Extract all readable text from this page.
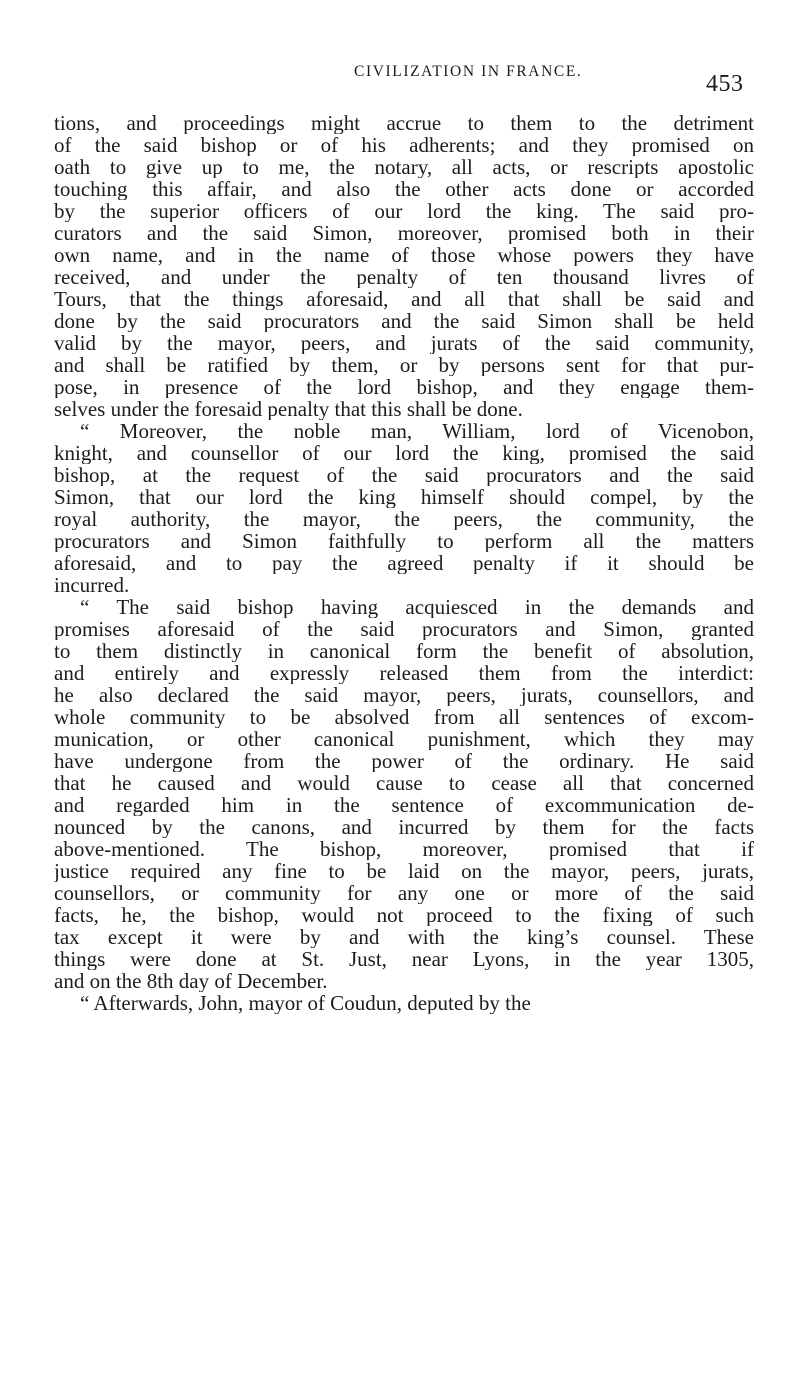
CIVILIZATION IN FRANCE.	453

tions, and proceedings might accrue to them to the detriment
of the said bishop or of his adherents; and they promised on
oath to give up to me, the notary, all acts, or rescripts apostolic
touching this affair, and also the other acts done or accorded
by the superior officers of our lord the king. The said pro-
curators and the said Simon, moreover, promised both in their
own name, and in the name of those whose powers they have
received, and under the penalty of ten thousand livres of
Tours, that the things aforesaid, and all that shall be said and
done by the said procurators and the said Simon shall be held
valid by the mayor, peers, and jurats of the said community,
and shall be ratified by them, or by persons sent for that pur-
pose, in presence of the lord bishop, and they engage them-
selves under the foresaid penalty that this shall be done.

“ Moreover, the noble man, William, lord of Vicenobon,
knight, and counsellor of our lord the king, promised the said
bishop, at the request of the said procurators and the said
Simon, that our lord the king himself should compel, by the
royal authority, the mayor, the peers, the community, the
procurators and Simon faithfully to perform all the matters
aforesaid, and to pay the agreed penalty if it should be
incurred.

“ The said bishop having acquiesced in the demands and
promises aforesaid of the said procurators and Simon, granted
to them distinctly in canonical form the benefit of absolution,
and entirely and expressly released them from the interdict:
he also declared the said mayor, peers, jurats, counsellors, and
whole community to be absolved from all sentences of excom-
munication, or other canonical punishment, which they may
have undergone from the power of the ordinary. He said
that he caused and would cause to cease all that concerned
and regarded him in the sentence of excommunication de-
nounced by the canons, and incurred by them for the facts
above-mentioned. The bishop, moreover, promised that if
justice required any fine to be laid on the mayor, peers, jurats,
counsellors, or community for any one or more of the said
facts, he, the bishop, would not proceed to the fixing of such
tax except it were by and with the king’s counsel. These
things were done at St. Just, near Lyons, in the year 1305,
and on the 8th day of December.

“ Afterwards, John, mayor of Coudun, deputed by the
